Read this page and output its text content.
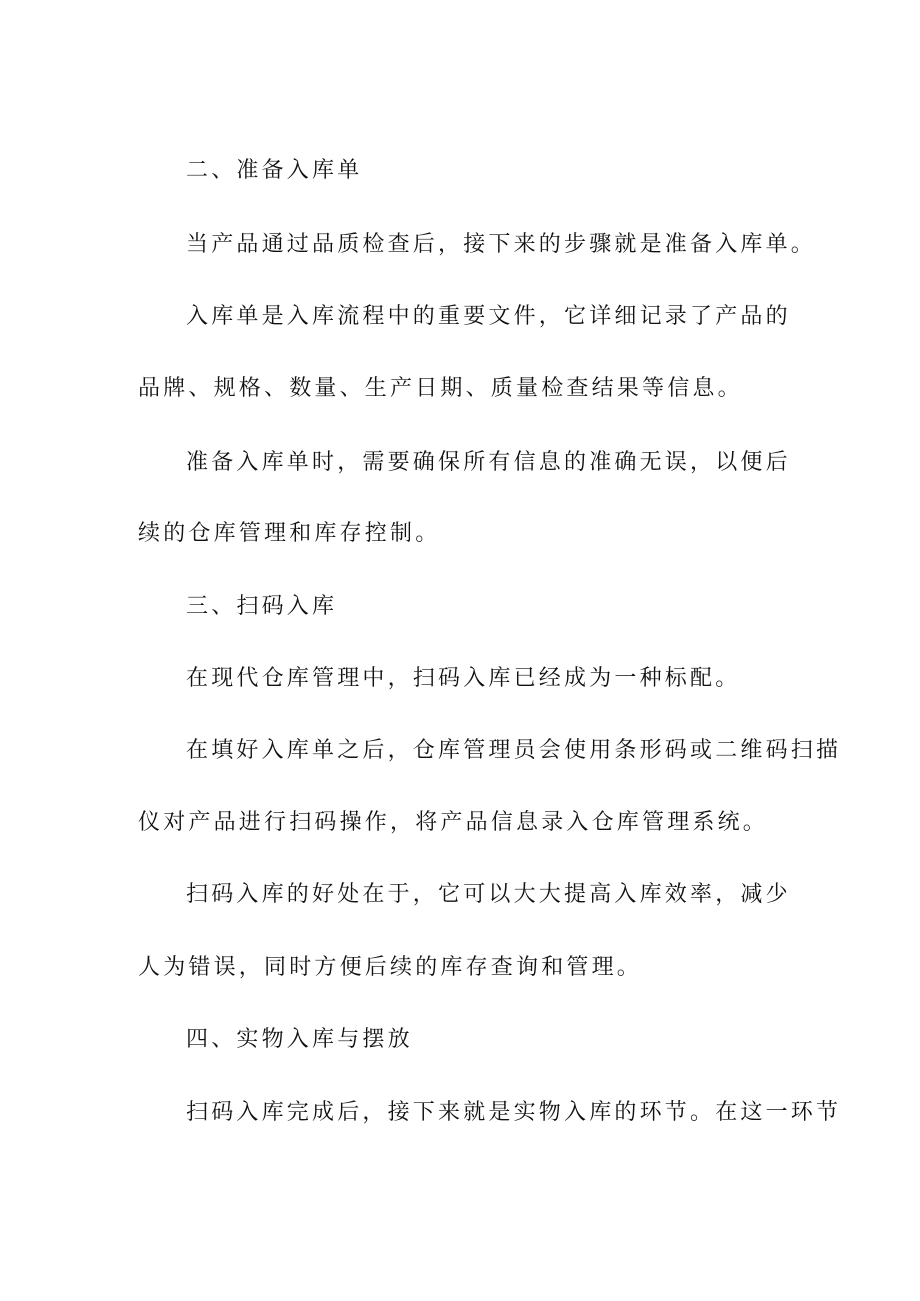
二、准备入库单

当产品通过品质检查后，接下来的步骤就是准备入库单。

入库单是入库流程中的重要文件，它详细记录了产品的

品牌、规格、数量、生产日期、质量检查结果等信息。

准备入库单时，需要确保所有信息的准确无误，以便后

续的仓库管理和库存控制。

三、扫码入库

在现代仓库管理中，扫码入库已经成为一种标配。

在填好入库单之后，仓库管理员会使用条形码或二维码扫描

仪对产品进行扫码操作，将产品信息录入仓库管理系统。

扫码入库的好处在于，它可以大大提高入库效率，减少

人为错误，同时方便后续的库存查询和管理。

四、实物入库与摆放

扫码入库完成后，接下来就是实物入库的环节。在这一环节
